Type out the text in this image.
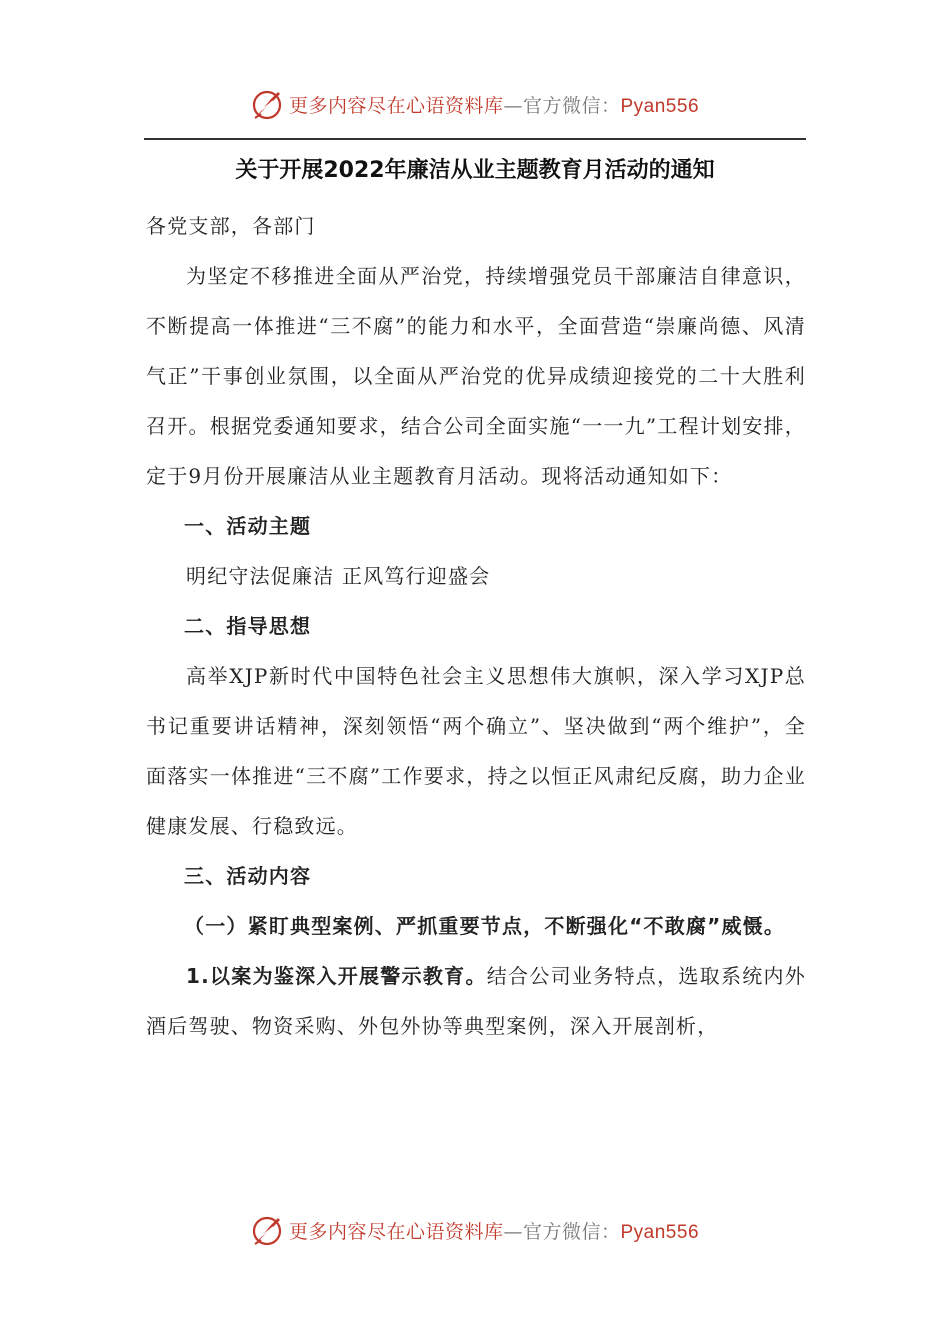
更多内容尽在心语资料库—官方微信：Pyan556
关于开展2022年廉洁从业主题教育月活动的通知

各党支部，各部门

为坚定不移推进全面从严治党，持续增强党员干部廉洁自律意识，不断提高一体推进“三不腐”的能力和水平，全面营造“崇廉尚德、风清气正”干事创业氛围，以全面从严治党的优异成绩迎接党的二十大胜利召开。根据党委通知要求，结合公司全面实施“一一九”工程计划安排，定于9月份开展廉洁从业主题教育月活动。现将活动通知如下：

一、活动主题

明纪守法促廉洁 正风笃行迎盛会

二、指导思想

高举XJP新时代中国特色社会主义思想伟大旗帜，深入学习XJP总书记重要讲话精神，深刻领悟“两个确立”、坚决做到“两个维护”，全面落实一体推进“三不腐”工作要求，持之以恒正风肃纪反腐，助力企业健康发展、行稳致远。

三、活动内容

（一）紧盯典型案例、严抓重要节点，不断强化“不敢腐”威慑。

1.以案为鉴深入开展警示教育。结合公司业务特点，选取系统内外酒后驾驶、物资采购、外包外协等典型案例，深入开展剖析，

更多内容尽在心语资料库—官方微信：Pyan556
